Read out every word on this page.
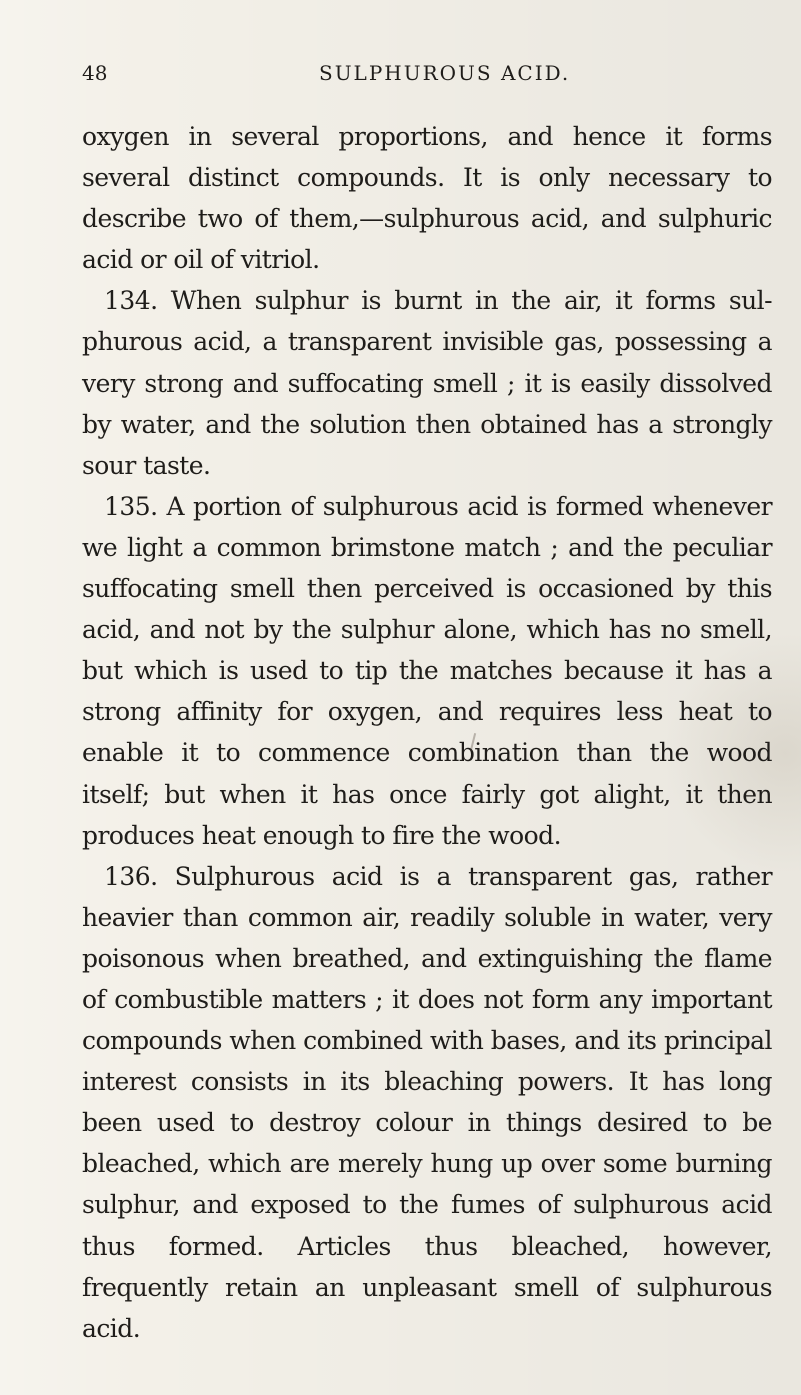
48	SULPHUROUS ACID.

oxygen in several proportions, and hence it forms several distinct compounds. It is only necessary to describe two of them,—sulphurous acid, and sulphuric acid or oil of vitriol.

134. When sulphur is burnt in the air, it forms sul-phurous acid, a transparent invisible gas, possessing a very strong and suffocating smell ; it is easily dissolved by water, and the solution then obtained has a strongly sour taste.

135. A portion of sulphurous acid is formed whenever we light a common brimstone match ; and the peculiar suffocating smell then perceived is occasioned by this acid, and not by the sulphur alone, which has no smell, but which is used to tip the matches because it has a strong affinity for oxygen, and requires less heat to enable it to commence combination than the wood itself; but when it has once fairly got alight, it then produces heat enough to fire the wood.

136. Sulphurous acid is a transparent gas, rather heavier than common air, readily soluble in water, very poisonous when breathed, and extinguishing the flame of combustible matters ; it does not form any important compounds when combined with bases, and its principal interest consists in its bleaching powers. It has long been used to destroy colour in things desired to be bleached, which are merely hung up over some burning sulphur, and exposed to the fumes of sulphurous acid thus formed. Articles thus bleached, however, frequently retain an unpleasant smell of sulphurous acid.
